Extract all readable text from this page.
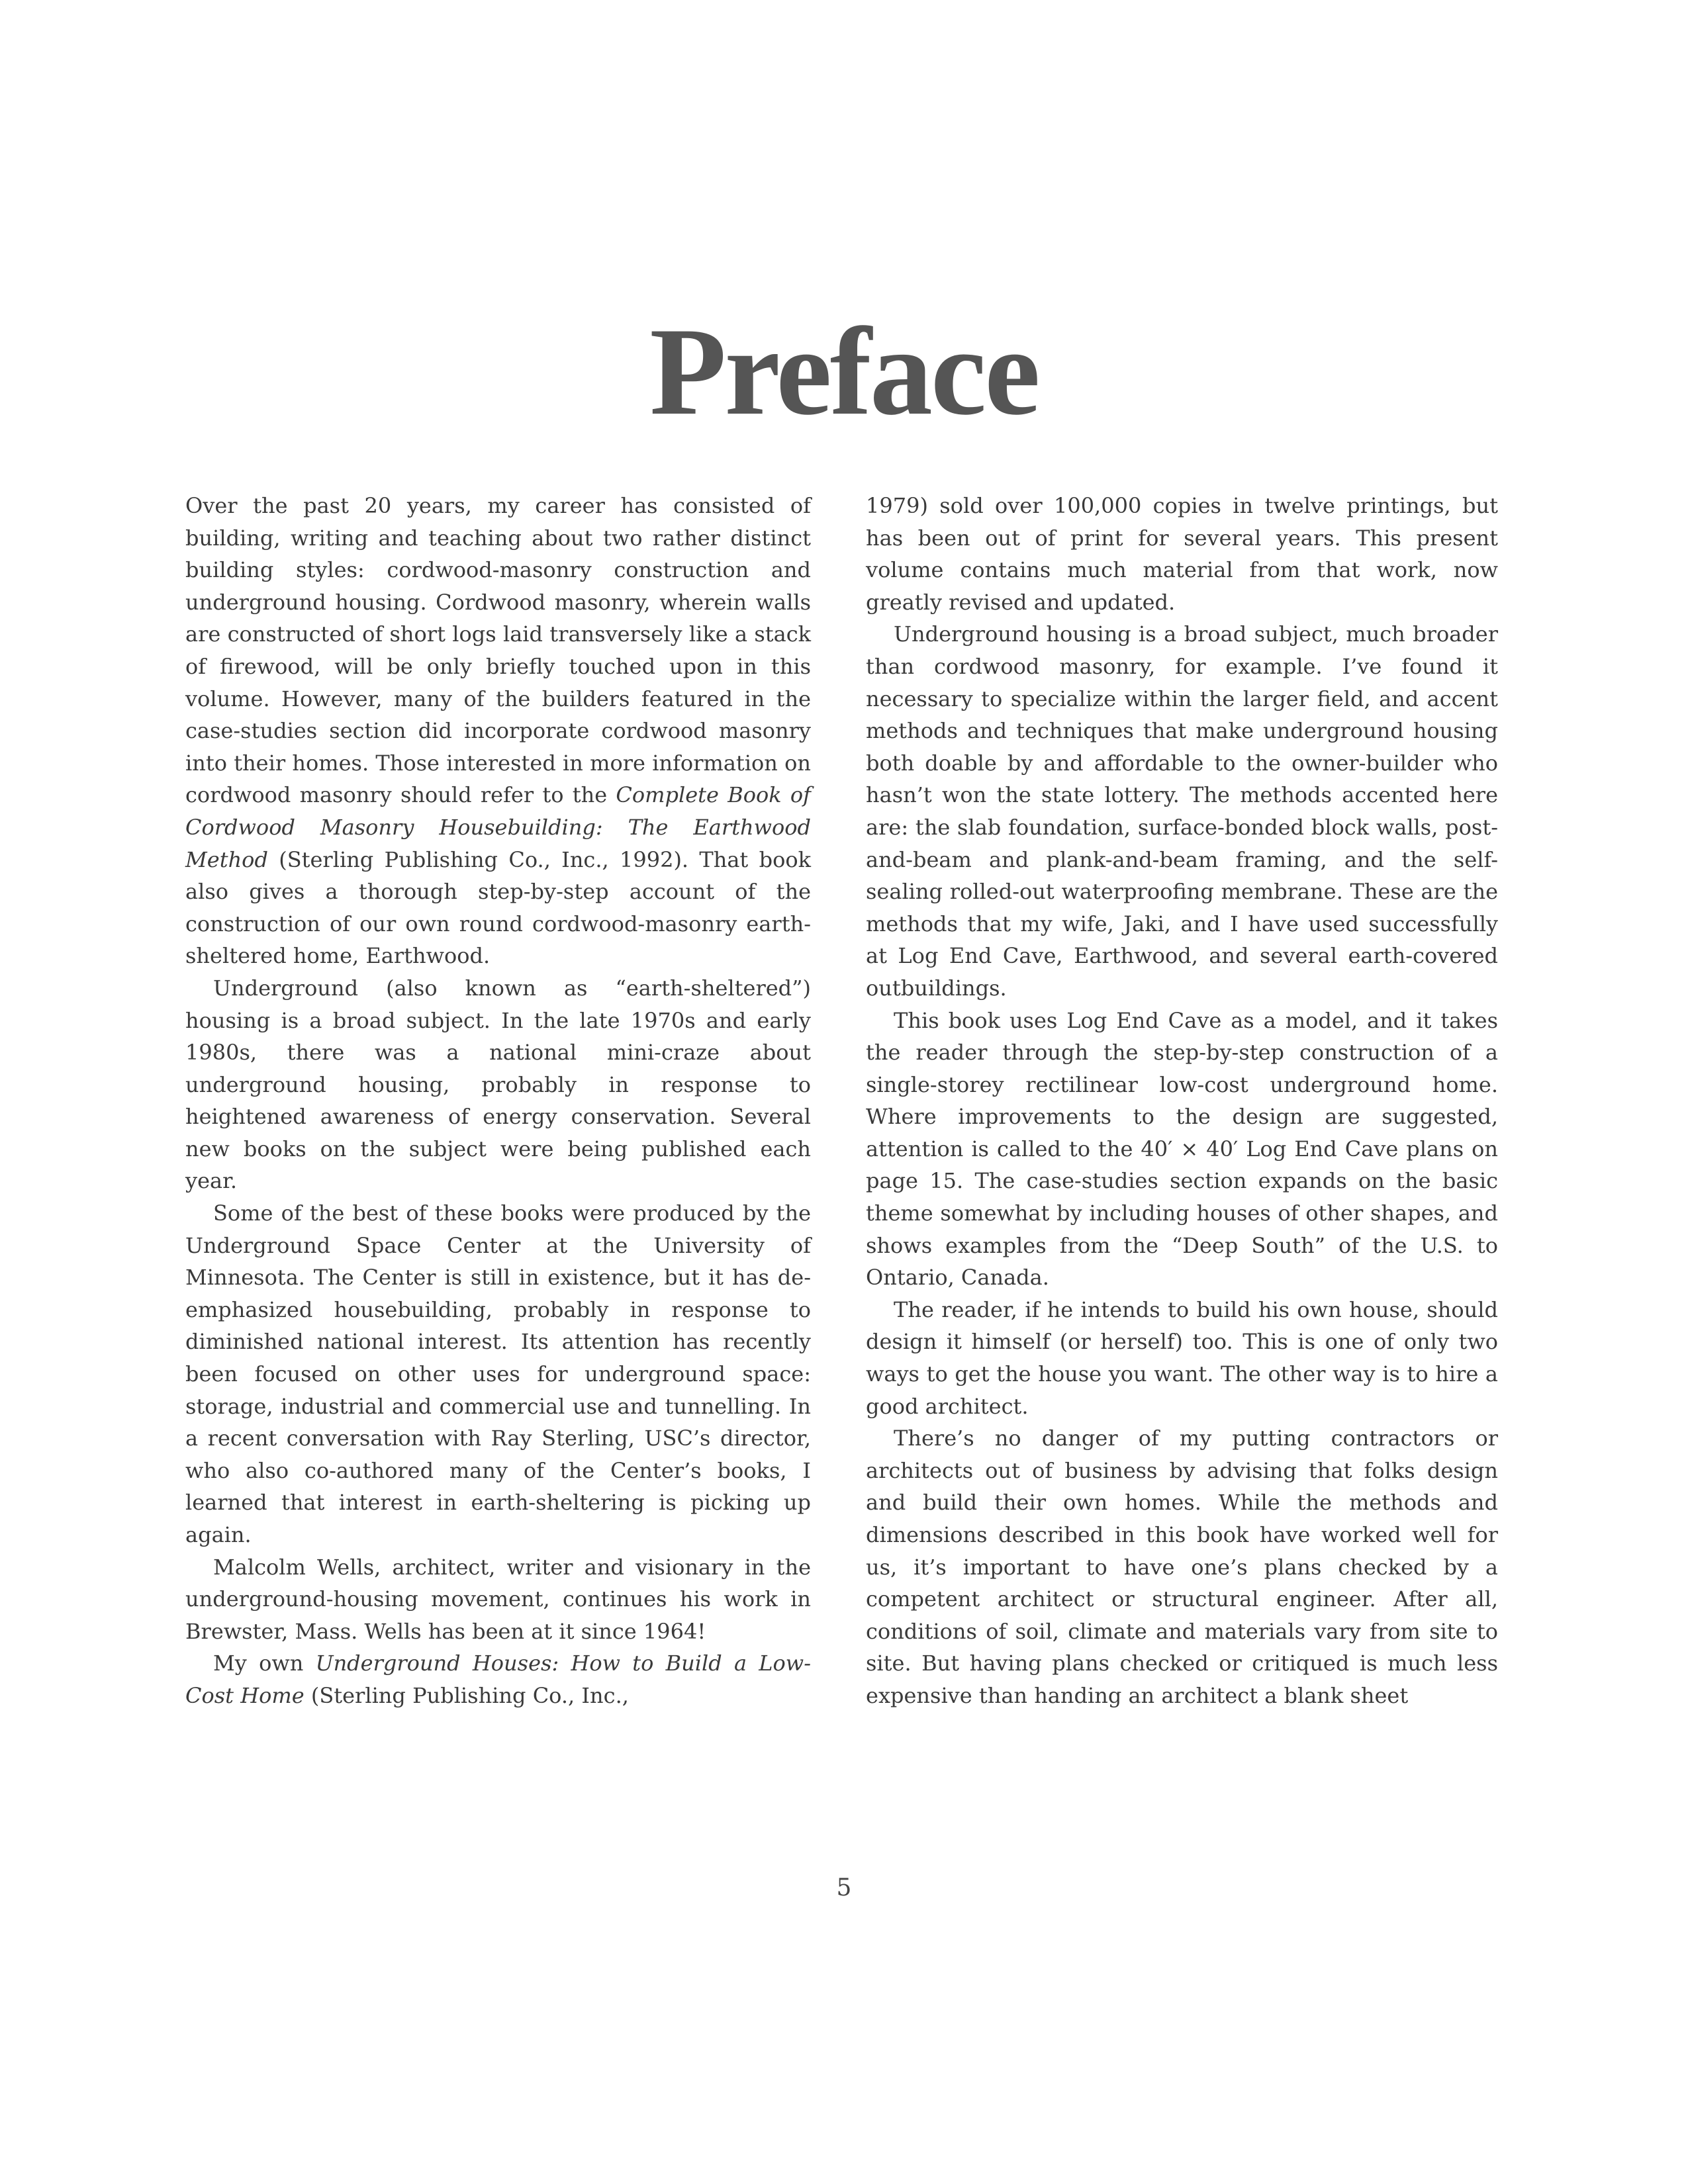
Preface

Over the past 20 years, my career has consisted of building, writing and teaching about two rather distinct building styles: cordwood-masonry construction and underground housing. Cordwood masonry, wherein walls are constructed of short logs laid transversely like a stack of firewood, will be only briefly touched upon in this volume. However, many of the builders featured in the case-studies section did incorporate cordwood masonry into their homes. Those interested in more information on cordwood masonry should refer to the Complete Book of Cordwood Masonry Housebuilding: The Earthwood Method (Sterling Publishing Co., Inc., 1992). That book also gives a thorough step-by-step account of the construction of our own round cordwood-masonry earth-sheltered home, Earthwood.

Underground (also known as “earth-sheltered”) housing is a broad subject. In the late 1970s and early 1980s, there was a national mini-craze about underground housing, probably in response to heightened awareness of energy conservation. Several new books on the subject were being published each year.

Some of the best of these books were produced by the Underground Space Center at the University of Minnesota. The Center is still in existence, but it has de-emphasized housebuilding, probably in response to diminished national interest. Its attention has recently been focused on other uses for underground space: storage, industrial and commercial use and tunnelling. In a recent conversation with Ray Sterling, USC’s director, who also co-authored many of the Center’s books, I learned that interest in earth-sheltering is picking up again.

Malcolm Wells, architect, writer and visionary in the underground-housing movement, continues his work in Brewster, Mass. Wells has been at it since 1964!

My own Underground Houses: How to Build a Low-Cost Home (Sterling Publishing Co., Inc.,

1979) sold over 100,000 copies in twelve printings, but has been out of print for several years. This present volume contains much material from that work, now greatly revised and updated.

Underground housing is a broad subject, much broader than cordwood masonry, for example. I’ve found it necessary to specialize within the larger field, and accent methods and techniques that make underground housing both doable by and affordable to the owner-builder who hasn’t won the state lottery. The methods accented here are: the slab foundation, surface-bonded block walls, post-and-beam and plank-and-beam framing, and the self-sealing rolled-out waterproofing membrane. These are the methods that my wife, Jaki, and I have used successfully at Log End Cave, Earthwood, and several earth-covered outbuildings.

This book uses Log End Cave as a model, and it takes the reader through the step-by-step construction of a single-storey rectilinear low-cost underground home. Where improvements to the design are suggested, attention is called to the 40′ × 40′ Log End Cave plans on page 15. The case-studies section expands on the basic theme somewhat by including houses of other shapes, and shows examples from the “Deep South” of the U.S. to Ontario, Canada.

The reader, if he intends to build his own house, should design it himself (or herself) too. This is one of only two ways to get the house you want. The other way is to hire a good architect.

There’s no danger of my putting contractors or architects out of business by advising that folks design and build their own homes. While the methods and dimensions described in this book have worked well for us, it’s important to have one’s plans checked by a competent architect or structural engineer. After all, conditions of soil, climate and materials vary from site to site. But having plans checked or critiqued is much less expensive than handing an architect a blank sheet

5
